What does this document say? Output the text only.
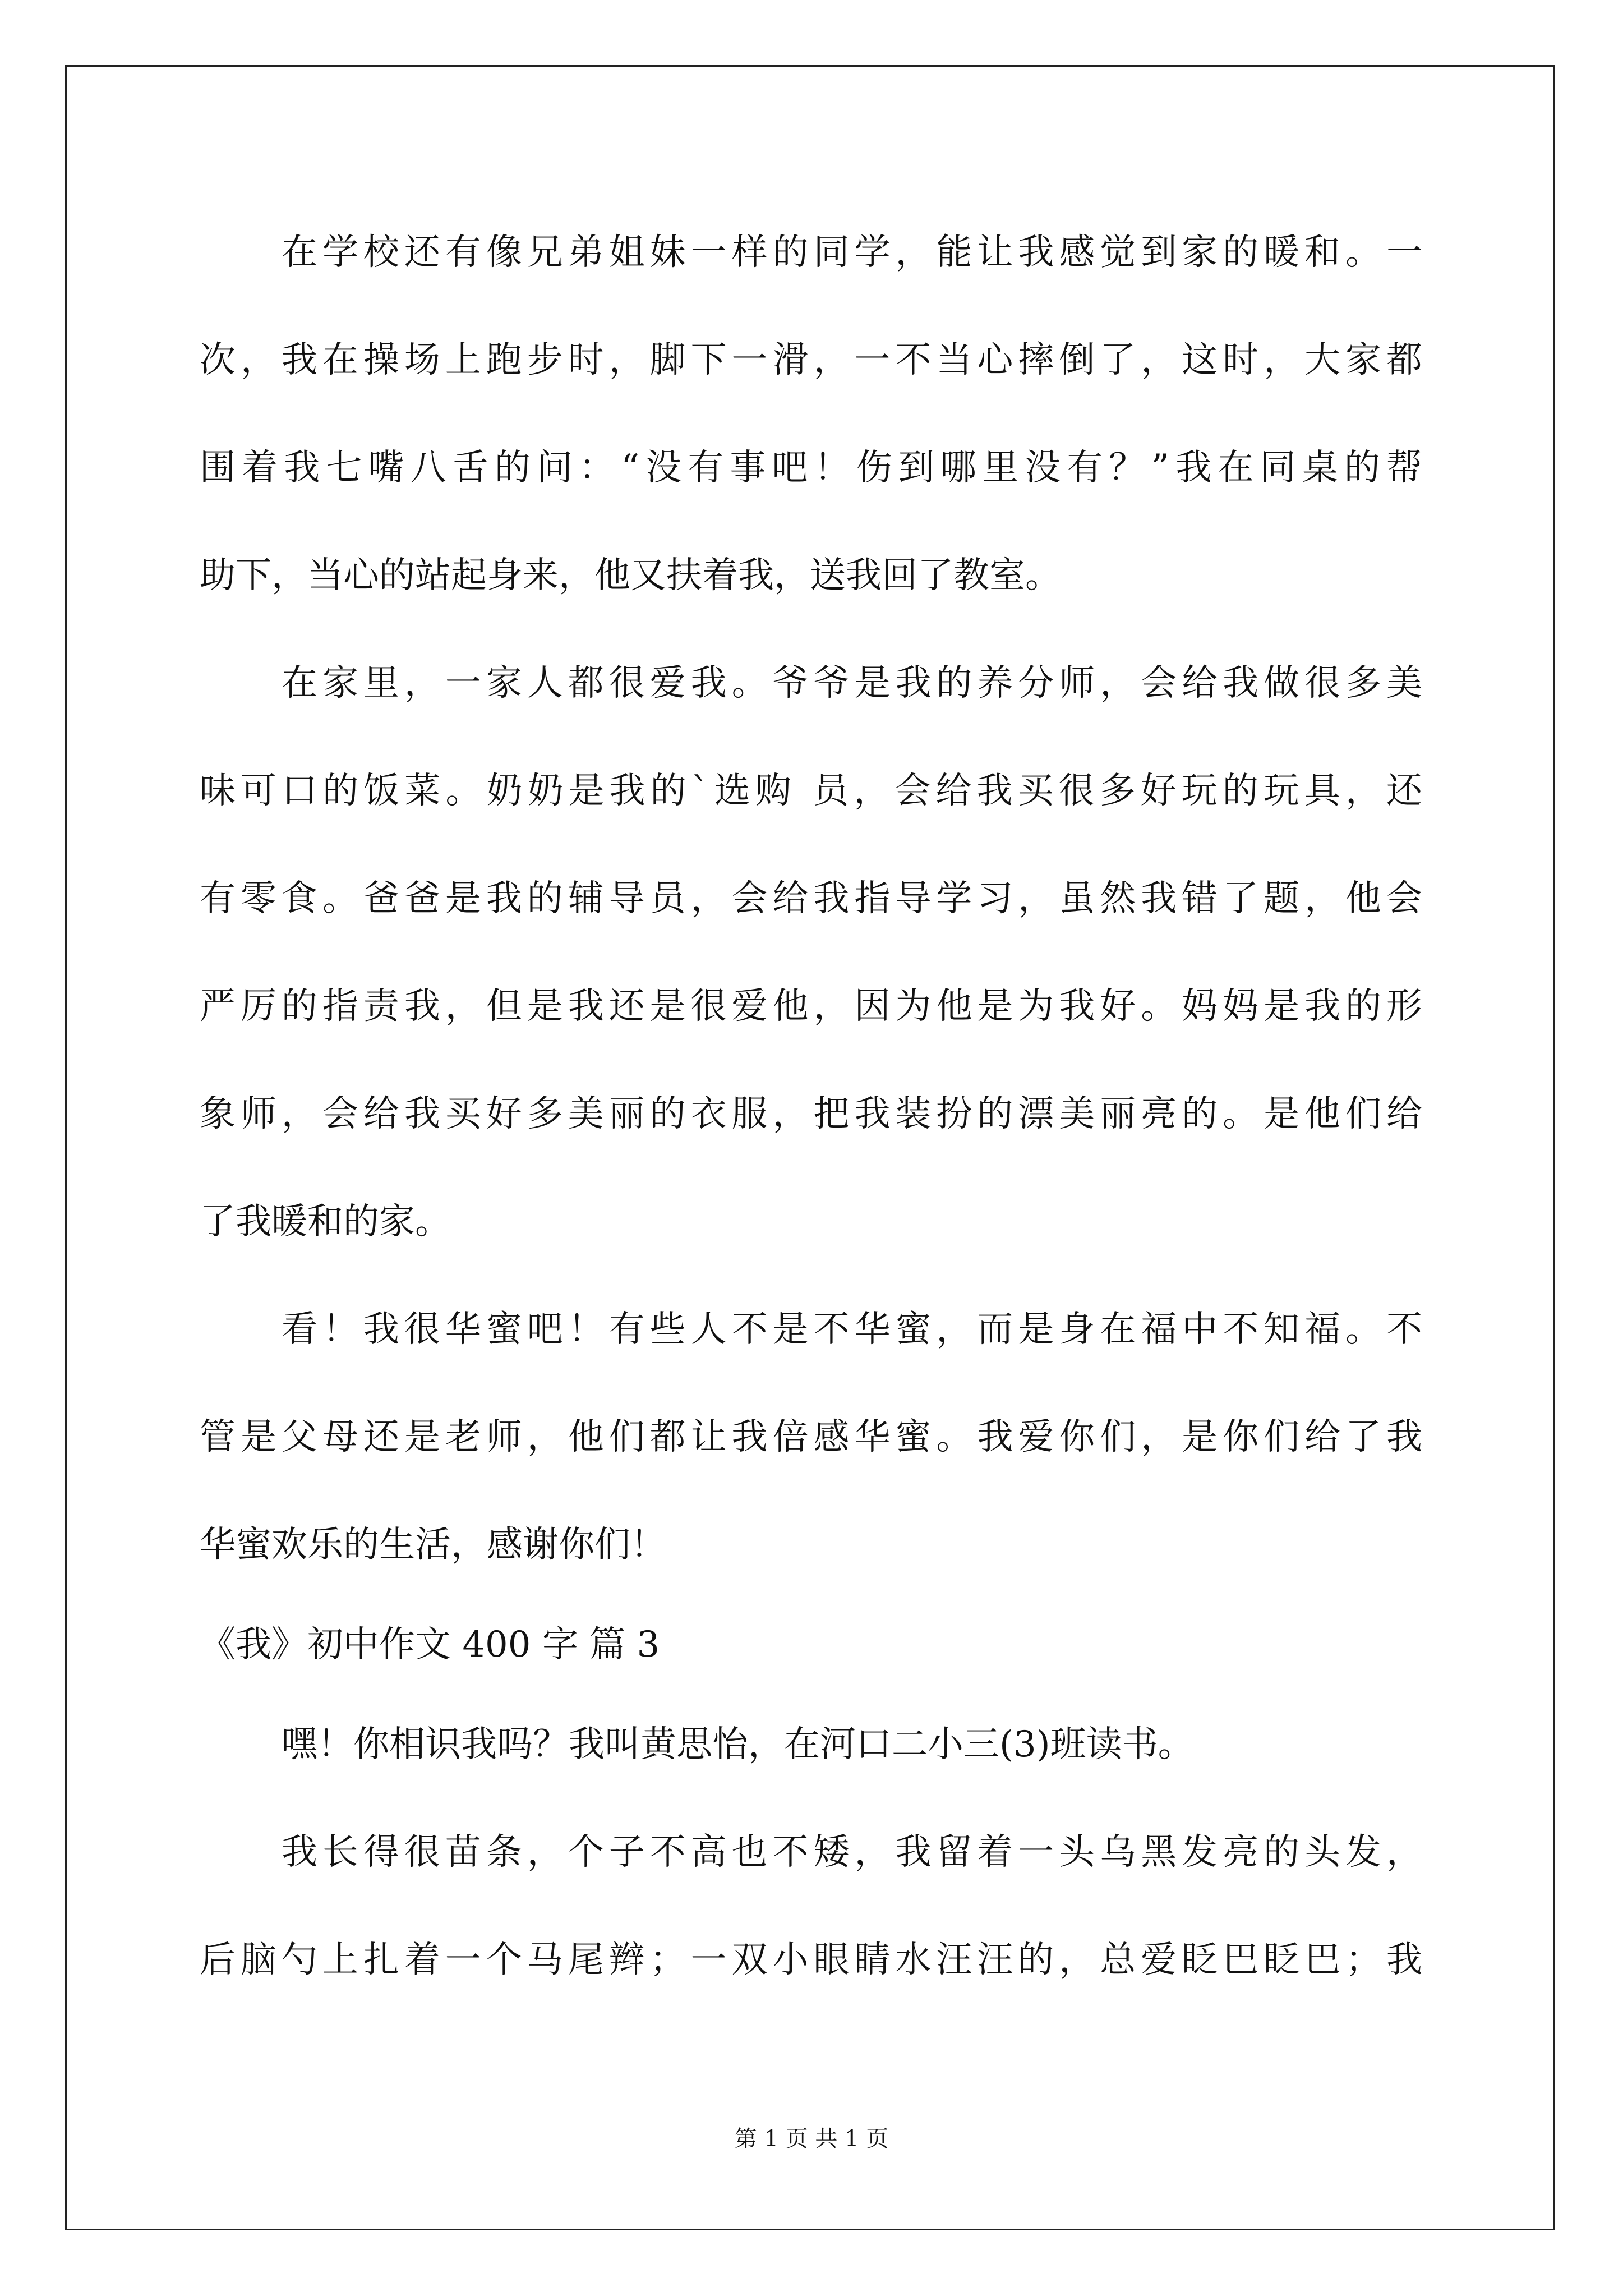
在学校还有像兄弟姐妹一样的同学，能让我感觉到家的暖和。一
次，我在操场上跑步时，脚下一滑，一不当心摔倒了，这时，大家都
围着我七嘴八舌的问：“没有事吧！伤到哪里没有？”我在同桌的帮
助下，当心的站起身来，他又扶着我，送我回了教室。
在家里，一家人都很爱我。爷爷是我的养分师，会给我做很多美
味可口的饭菜。奶奶是我的`选购 员，会给我买很多好玩的玩具，还
有零食。爸爸是我的辅导员，会给我指导学习，虽然我错了题，他会
严厉的指责我，但是我还是很爱他，因为他是为我好。妈妈是我的形
象师，会给我买好多美丽的衣服，把我装扮的漂美丽亮的。是他们给
了我暖和的家。
看！我很华蜜吧！有些人不是不华蜜，而是身在福中不知福。不
管是父母还是老师，他们都让我倍感华蜜。我爱你们，是你们给了我
华蜜欢乐的生活，感谢你们！
《我》初中作文 400 字 篇 3
嘿！你相识我吗？我叫黄思怡，在河口二小三(3)班读书。
我长得很苗条，个子不高也不矮，我留着一头乌黑发亮的头发，
后脑勺上扎着一个马尾辫；一双小眼睛水汪汪的，总爱眨巴眨巴；我
第 1 页 共 1 页
